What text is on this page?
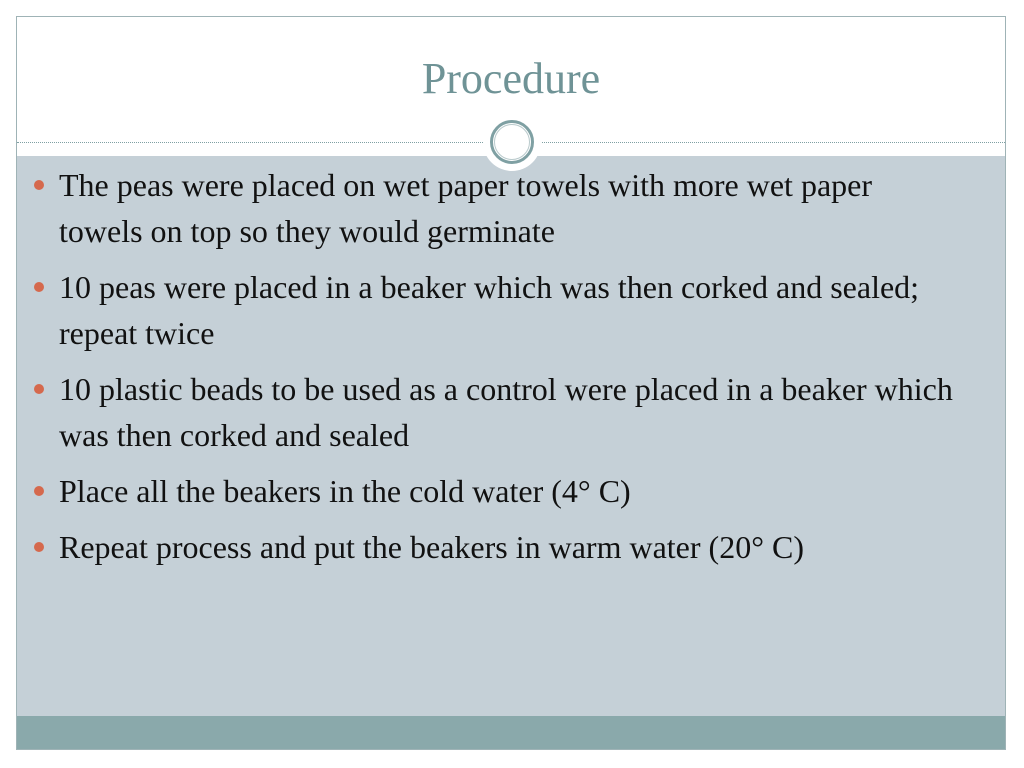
Procedure
The peas were placed on wet paper towels with more wet paper towels on top so they would germinate
10 peas were placed in a beaker which was then corked and sealed; repeat twice
10 plastic beads to be used as a control were placed in a beaker which was then corked and sealed
Place all the beakers in the cold water (4° C)
Repeat process and put the beakers in warm water (20° C)
